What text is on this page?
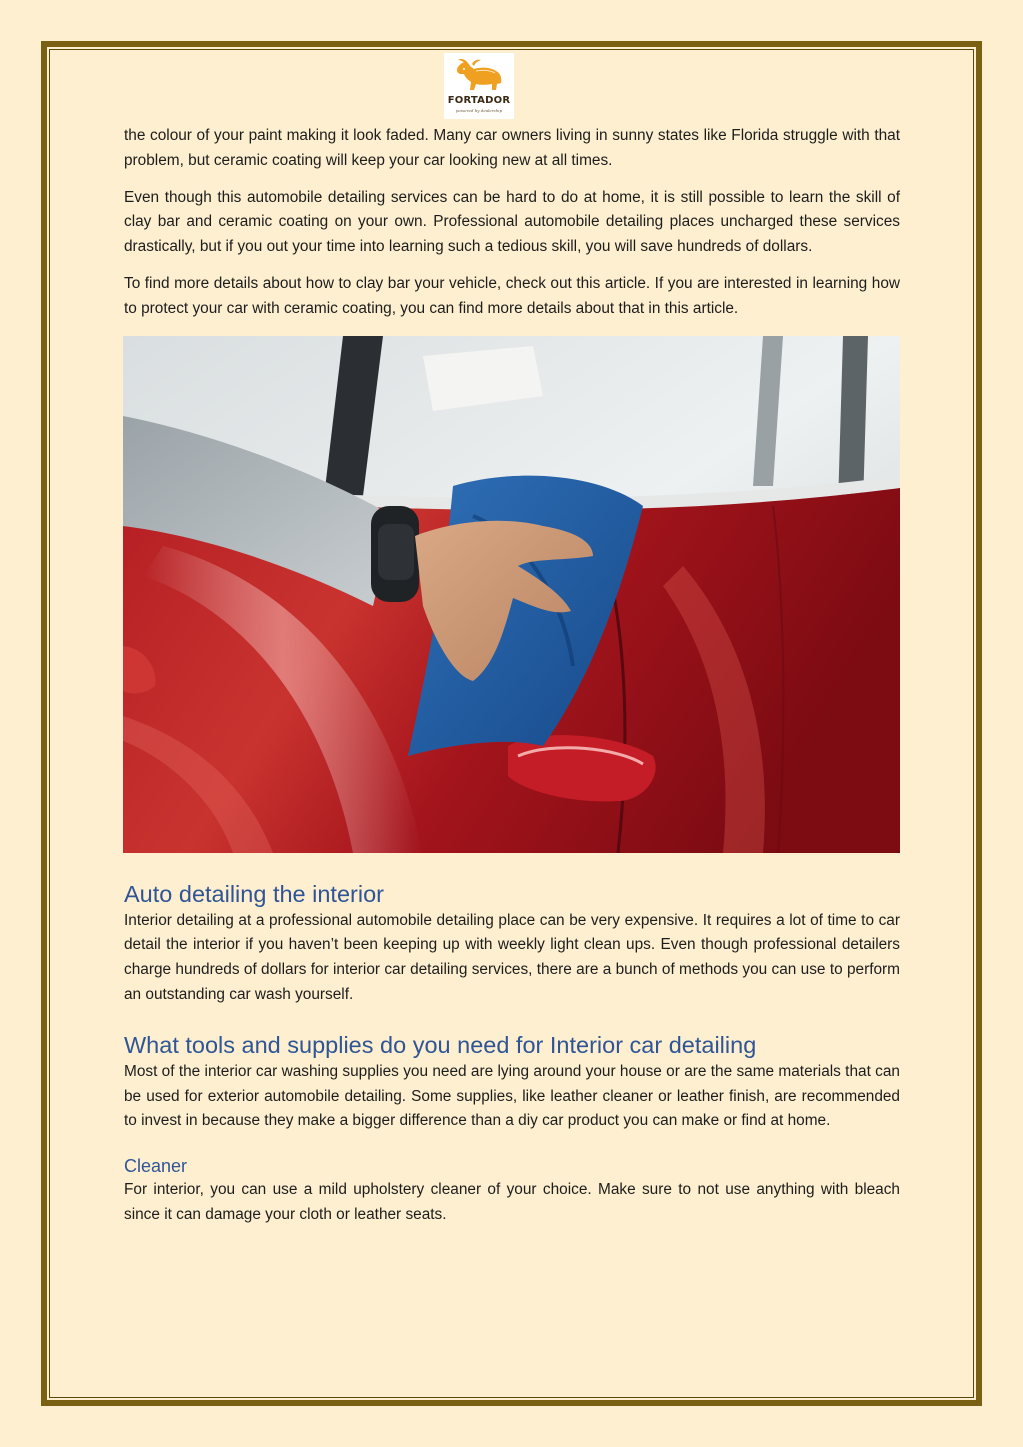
FORTADOR
powered by dealership

the colour of your paint making it look faded. Many car owners living in sunny states like Florida struggle with that problem, but ceramic coating will keep your car looking new at all times.

Even though this automobile detailing services can be hard to do at home, it is still possible to learn the skill of clay bar and ceramic coating on your own. Professional automobile detailing places uncharged these services drastically, but if you out your time into learning such a tedious skill, you will save hundreds of dollars.

To find more details about how to clay bar your vehicle, check out this article. If you are interested in learning how to protect your car with ceramic coating, you can find more details about that in this article.

Auto detailing the interior

Interior detailing at a professional automobile detailing place can be very expensive. It requires a lot of time to car detail the interior if you haven’t been keeping up with weekly light clean ups. Even though professional detailers charge hundreds of dollars for interior car detailing services, there are a bunch of methods you can use to perform an outstanding car wash yourself.

What tools and supplies do you need for Interior car detailing

Most of the interior car washing supplies you need are lying around your house or are the same materials that can be used for exterior automobile detailing. Some supplies, like leather cleaner or leather finish, are recommended to invest in because they make a bigger difference than a diy car product you can make or find at home.

Cleaner

For interior, you can use a mild upholstery cleaner of your choice. Make sure to not use anything with bleach since it can damage your cloth or leather seats.
